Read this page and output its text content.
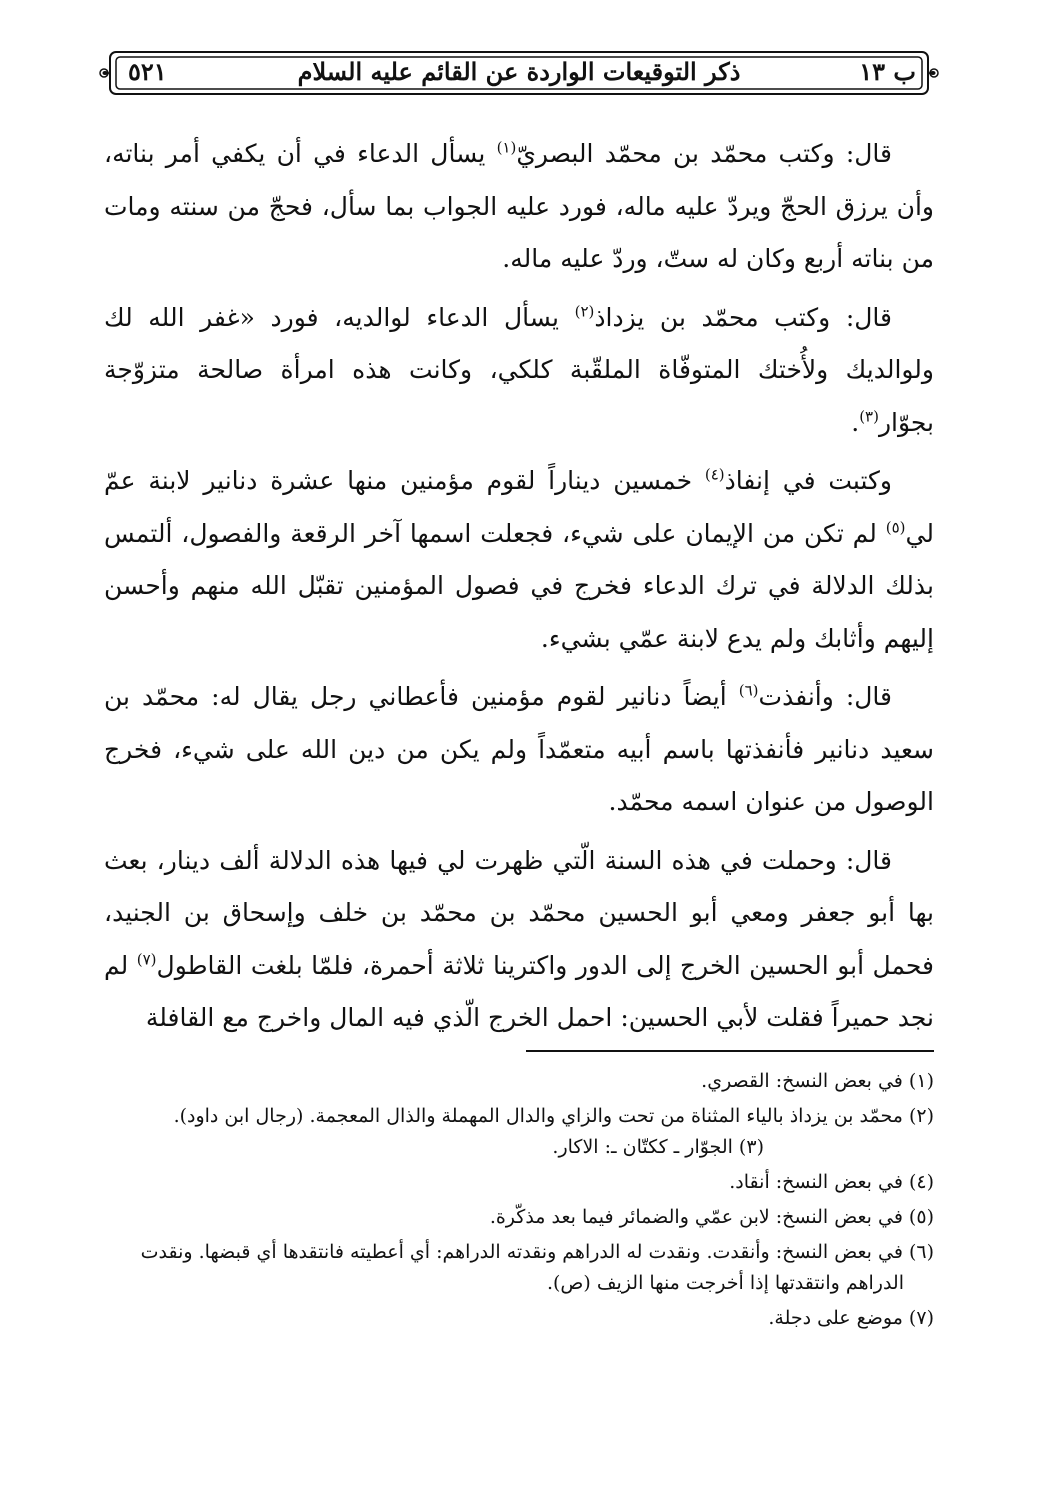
ب ١٣
ذكر التوقيعات الواردة عن القائم عليه السلام
٥٢١

قال: وكتب محمّد بن محمّد البصريّ$^{(١)}$ يسأل الدعاء في أن يكفي أمر بناته، وأن يرزق الحجّ ويردّ عليه ماله، فورد عليه الجواب بما سأل، فحجّ من سنته ومات من بناته أربع وكان له ستّ، وردّ عليه ماله.

قال: وكتب محمّد بن يزداذ$^{(٢)}$ يسأل الدعاء لوالديه، فورد «غفر الله لك ولوالديك ولأُختك المتوفّاة الملقّبة كلكي، وكانت هذه امرأة صالحة متزوّجة بجوّار$^{(٣)}$.

وكتبت في إنفاذ$^{(٤)}$ خمسين ديناراً لقوم مؤمنين منها عشرة دنانير لابنة عمّ لي$^{(٥)}$ لم تكن من الإيمان على شيء، فجعلت اسمها آخر الرقعة والفصول، ألتمس بذلك الدلالة في ترك الدعاء فخرج في فصول المؤمنين تقبّل الله منهم وأحسن إليهم وأثابك ولم يدع لابنة عمّي بشيء.

قال: وأنفذت$^{(٦)}$ أيضاً دنانير لقوم مؤمنين فأعطاني رجل يقال له: محمّد بن سعيد دنانير فأنفذتها باسم أبيه متعمّداً ولم يكن من دين الله على شيء، فخرج الوصول من عنوان اسمه محمّد.

قال: وحملت في هذه السنة الّتي ظهرت لي فيها هذه الدلالة ألف دينار، بعث بها أبو جعفر ومعي أبو الحسين محمّد بن محمّد بن خلف وإسحاق بن الجنيد، فحمل أبو الحسين الخرج إلى الدور واكترينا ثلاثة أحمرة، فلمّا بلغت القاطول$^{(٧)}$ لم نجد حميراً فقلت لأبي الحسين: احمل الخرج الّذي فيه المال واخرج مع القافلة

(١) في بعض النسخ: القصري.

(٢) محمّد بن يزداذ بالياء المثناة من تحت والزاي والدال المهملة والذال المعجمة. (رجال ابن داود).(٣) الجوّار ـ ككتّان ـ: الاكار.

(٤) في بعض النسخ: أنقاد.

(٥) في بعض النسخ: لابن عمّي والضمائر فيما بعد مذكّرة.

(٦) في بعض النسخ: وأنقدت. ونقدت له الدراهم ونقدته الدراهم: أي أعطيته فانتقدها أي قبضها. ونقدت الدراهم وانتقدتها إذا أخرجت منها الزيف (ص).

(٧) موضع على دجلة.
